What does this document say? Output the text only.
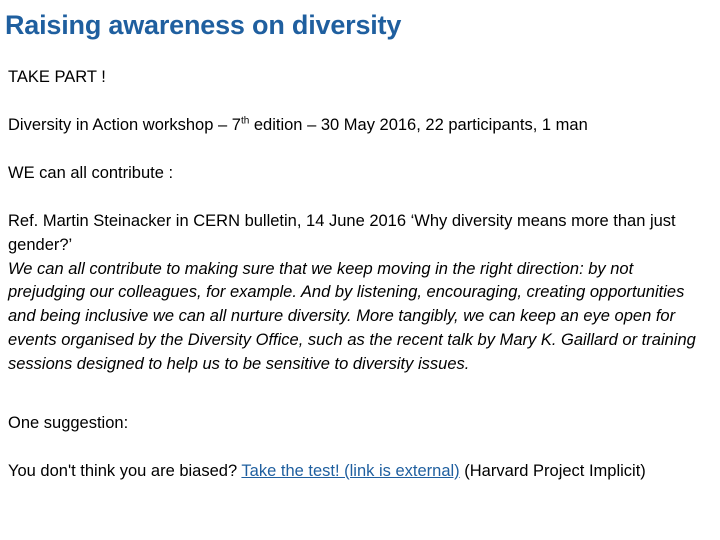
Raising awareness on diversity
TAKE PART !
Diversity in Action workshop – 7th edition – 30 May 2016, 22 participants, 1 man
WE can all contribute :
Ref. Martin Steinacker in CERN bulletin, 14 June 2016 ‘Why diversity means more than just gender?’
We can all contribute to making sure that we keep moving in the right direction: by not prejudging our colleagues, for example. And by listening, encouraging, creating opportunities and being inclusive we can all nurture diversity. More tangibly, we can keep an eye open for events organised by the Diversity Office, such as the recent talk by Mary K. Gaillard or training sessions designed to help us to be sensitive to diversity issues.
One suggestion:
You don't think you are biased? Take the test! (link is external) (Harvard Project Implicit)
